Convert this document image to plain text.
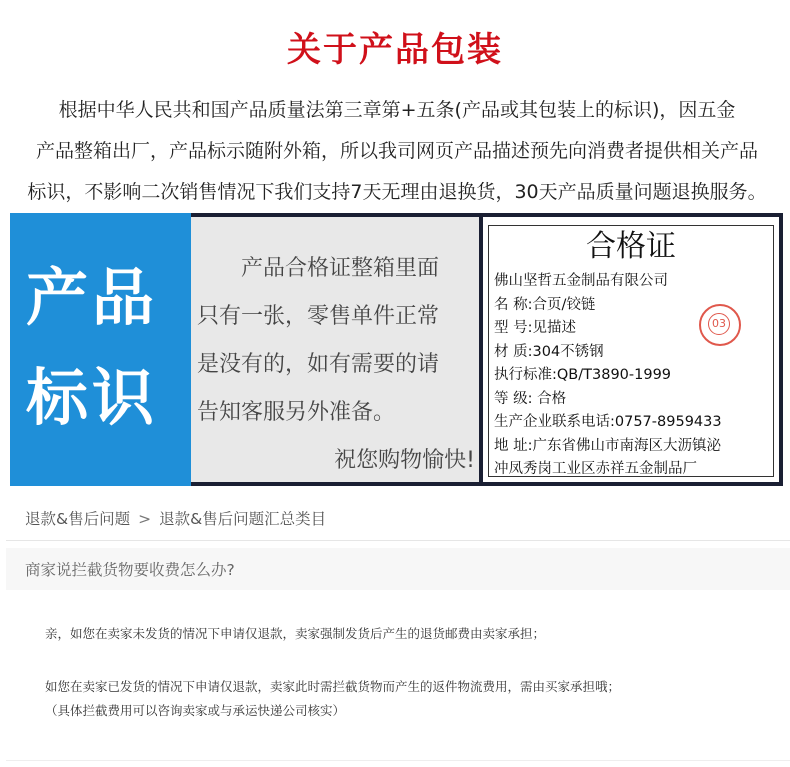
关于产品包装
根据中华人民共和国产品质量法第三章第+五条(产品或其包装上的标识)，因五金
产品整箱出厂，产品标示随附外箱，所以我司网页产品描述预先向消费者提供相关产品
标识，不影响二次销售情况下我们支持7天无理由退换货，30天产品质量问题退换服务。
产品
标识
　　产品合格证整箱里面
只有一张，零售单件正常
是没有的，如有需要的请
告知客服另外准备。
祝您购物愉快!
合格证
03
佛山坚哲五金制品有限公司
名 称:合页/铰链
型 号:见描述
材 质:304不锈钢
执行标准:QB/T3890-1999
等 级: 合格
生产企业联系电话:0757-8959433
地 址:广东省佛山市南海区大沥镇泌
冲凤秀岗工业区赤祥五金制品厂
退款&售后问题 > 退款&售后问题汇总类目
商家说拦截货物要收费怎么办?
亲，如您在卖家未发货的情况下申请仅退款，卖家强制发货后产生的退货邮费由卖家承担；
如您在卖家已发货的情况下申请仅退款，卖家此时需拦截货物而产生的返件物流费用，需由买家承担哦；
（具体拦截费用可以咨询卖家或与承运快递公司核实）
